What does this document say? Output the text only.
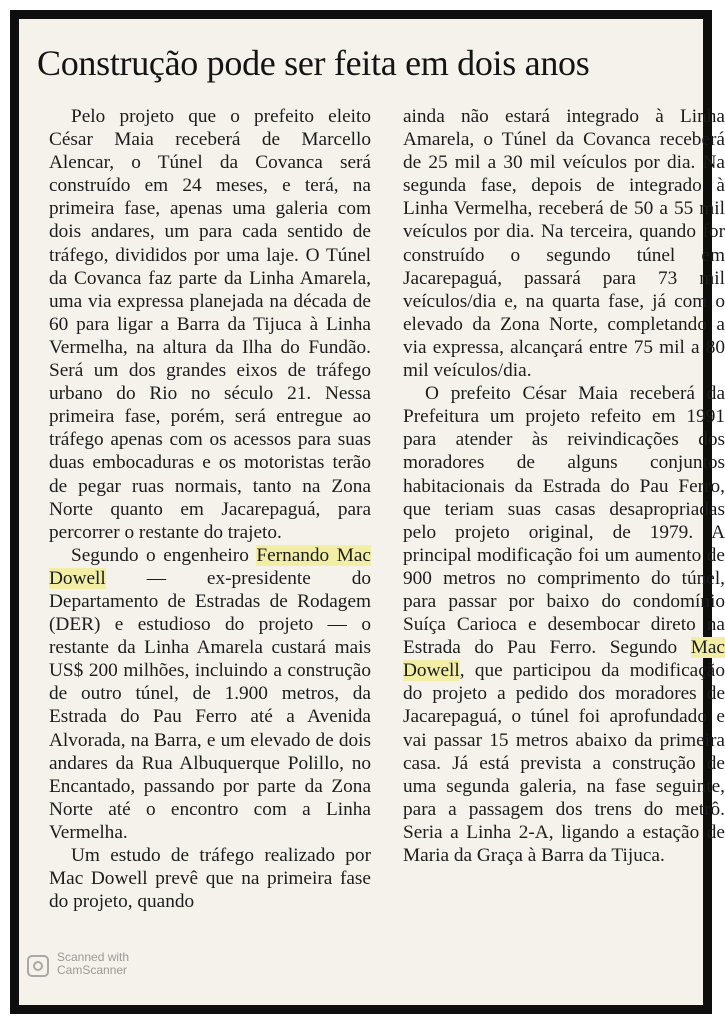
Construção pode ser feita em dois anos

Pelo projeto que o prefeito eleito César Maia receberá de Marcello Alencar, o Túnel da Covanca será construído em 24 meses, e terá, na primeira fase, apenas uma galeria com dois andares, um para cada sentido de tráfego, divididos por uma laje. O Túnel da Covanca faz parte da Linha Amarela, uma via expressa planejada na década de 60 para ligar a Barra da Tijuca à Linha Vermelha, na altura da Ilha do Fundão. Será um dos grandes eixos de tráfego urbano do Rio no século 21. Nessa primeira fase, porém, será entregue ao tráfego apenas com os acessos para suas duas embocaduras e os motoristas terão de pegar ruas normais, tanto na Zona Norte quanto em Jacarepaguá, para percorrer o restante do trajeto.

Segundo o engenheiro Fernando Mac Dowell — ex-presidente do Departamento de Estradas de Rodagem (DER) e estudioso do projeto — o restante da Linha Amarela custará mais US$ 200 milhões, incluindo a construção de outro túnel, de 1.900 metros, da Estrada do Pau Ferro até a Avenida Alvorada, na Barra, e um elevado de dois andares da Rua Albuquerque Polillo, no Encantado, passando por parte da Zona Norte até o encontro com a Linha Vermelha.

Um estudo de tráfego realizado por Mac Dowell prevê que na primeira fase do projeto, quando

ainda não estará integrado à Linha Amarela, o Túnel da Covanca receberá de 25 mil a 30 mil veículos por dia. Na segunda fase, depois de integrado à Linha Vermelha, receberá de 50 a 55 mil veículos por dia. Na terceira, quando for construído o segundo túnel em Jacarepaguá, passará para 73 mil veículos/dia e, na quarta fase, já com o elevado da Zona Norte, completando a via expressa, alcançará entre 75 mil a 80 mil veículos/dia.

O prefeito César Maia receberá da Prefeitura um projeto refeito em 1991 para atender às reivindicações dos moradores de alguns conjuntos habitacionais da Estrada do Pau Ferro, que teriam suas casas desapropriadas pelo projeto original, de 1979. A principal modificação foi um aumento de 900 metros no comprimento do túnel, para passar por baixo do condomínio Suíça Carioca e desembocar direto na Estrada do Pau Ferro. Segundo Mac Dowell, que participou da modificação do projeto a pedido dos moradores de Jacarepaguá, o túnel foi aprofundado e vai passar 15 metros abaixo da primeira casa. Já está prevista a construção de uma segunda galeria, na fase seguinte, para a passagem dos trens do metrô. Seria a Linha 2-A, ligando a estação de Maria da Graça à Barra da Tijuca.

Scanned with
CamScanner
